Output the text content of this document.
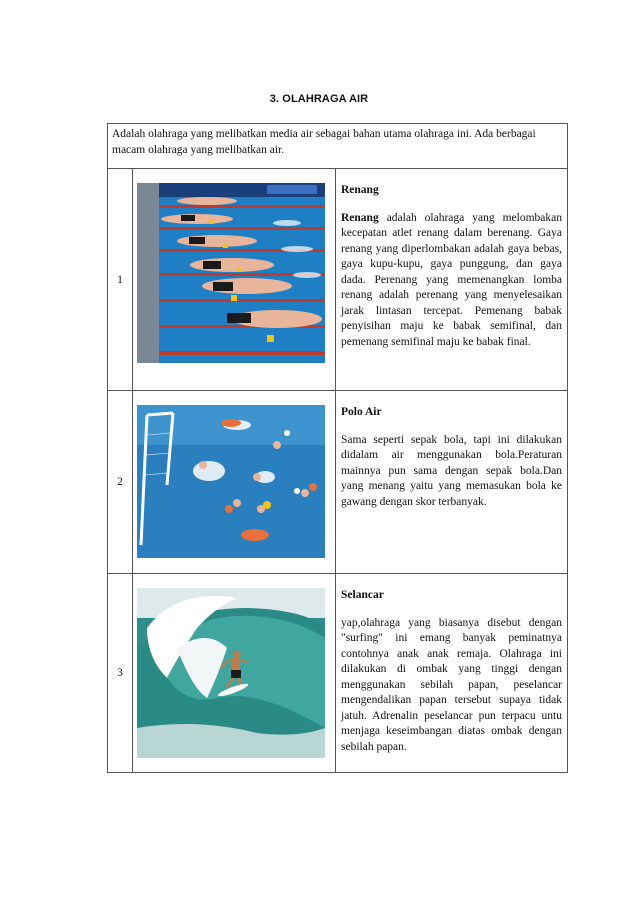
3. OLAHRAGA AIR
Adalah olahraga yang melibatkan media air sebagai bahan utama olahraga ini. Ada berbagai macam olahraga yang melibatkan air.
1
Renang
Renang adalah olahraga yang melombakan kecepatan atlet renang dalam berenang. Gaya renang yang diperlombakan adalah gaya bebas, gaya kupu-kupu, gaya punggung, dan gaya dada. Perenang yang memenangkan lomba renang adalah perenang yang menyelesaikan jarak lintasan tercepat. Pemenang babak penyisihan maju ke babak semifinal, dan pemenang semifinal maju ke babak final.
2
Polo Air
Sama seperti sepak bola, tapi ini dilakukan didalam air menggunakan bola.Peraturan mainnya pun sama dengan sepak bola.Dan yang menang yaitu yang memasukan bola ke gawang dengan skor terbanyak.
3
Selancar
yap,olahraga yang biasanya disebut dengan "surfing" ini emang banyak peminatnya contohnya anak anak remaja. Olahraga ini dilakukan di ombak yang tinggi dengan menggunakan sebilah papan, peselancar mengendalikan papan tersebut supaya tidak jatuh. Adrenalin peselancar pun terpacu untu menjaga keseimbangan diatas ombak dengan sebilah papan.
